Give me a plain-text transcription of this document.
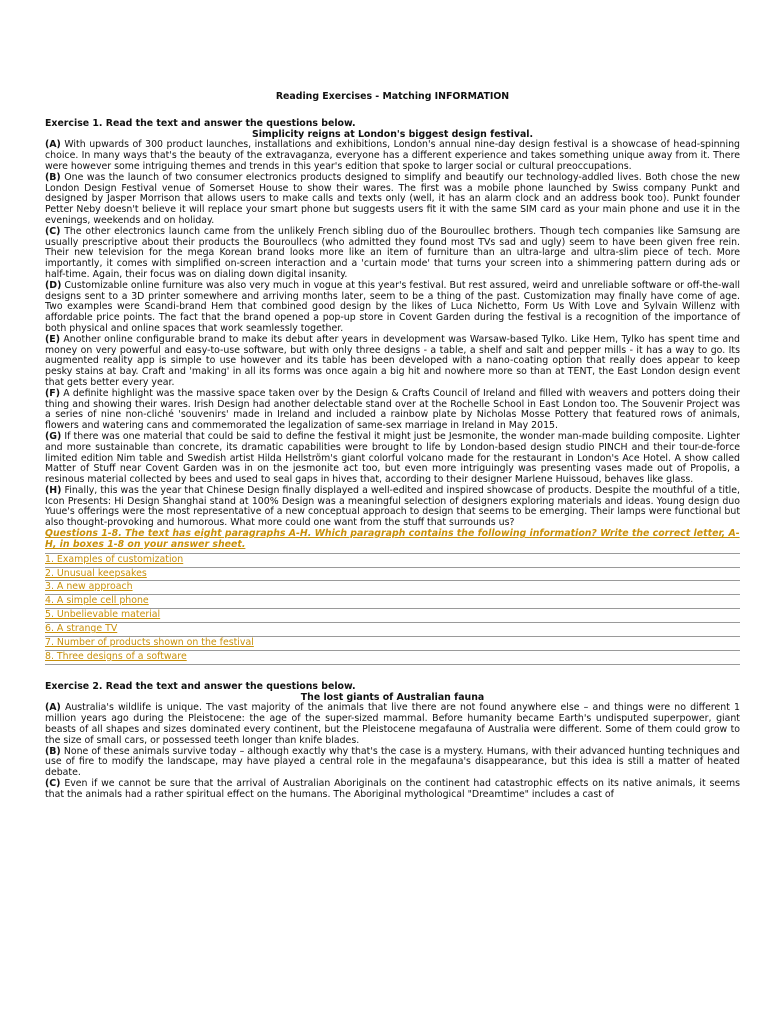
Reading Exercises - Matching INFORMATION
Exercise 1. Read the text and answer the questions below.
Simplicity reigns at London's biggest design festival.

(A) With upwards of 300 product launches, installations and exhibitions, London's annual nine-day design festival is a showcase of head-spinning choice. In many ways that's the beauty of the extravaganza, everyone has a different experience and takes something unique away from it. There were however some intriguing themes and trends in this year's edition that spoke to larger social or cultural preoccupations.

(B) One was the launch of two consumer electronics products designed to simplify and beautify our technology-addled lives. Both chose the new London Design Festival venue of Somerset House to show their wares. The first was a mobile phone launched by Swiss company Punkt and designed by Jasper Morrison that allows users to make calls and texts only (well, it has an alarm clock and an address book too). Punkt founder Petter Neby doesn't believe it will replace your smart phone but suggests users fit it with the same SIM card as your main phone and use it in the evenings, weekends and on holiday.

(C) The other electronics launch came from the unlikely French sibling duo of the Bouroullec brothers. Though tech companies like Samsung are usually prescriptive about their products the Bouroullecs (who admitted they found most TVs sad and ugly) seem to have been given free rein. Their new television for the mega Korean brand looks more like an item of furniture than an ultra-large and ultra-slim piece of tech. More importantly, it comes with simplified on-screen interaction and a 'curtain mode' that turns your screen into a shimmering pattern during ads or half-time. Again, their focus was on dialing down digital insanity.

(D) Customizable online furniture was also very much in vogue at this year's festival. But rest assured, weird and unreliable software or off-the-wall designs sent to a 3D printer somewhere and arriving months later, seem to be a thing of the past. Customization may finally have come of age. Two examples were Scandi-brand Hem that combined good design by the likes of Luca Nichetto, Form Us With Love and Sylvain Willenz with affordable price points. The fact that the brand opened a pop-up store in Covent Garden during the festival is a recognition of the importance of both physical and online spaces that work seamlessly together.

(E) Another online configurable brand to make its debut after years in development was Warsaw-based Tylko. Like Hem, Tylko has spent time and money on very powerful and easy-to-use software, but with only three designs - a table, a shelf and salt and pepper mills - it has a way to go. Its augmented reality app is simple to use however and its table has been developed with a nano-coating option that really does appear to keep pesky stains at bay. Craft and 'making' in all its forms was once again a big hit and nowhere more so than at TENT, the East London design event that gets better every year.

(F) A definite highlight was the massive space taken over by the Design & Crafts Council of Ireland and filled with weavers and potters doing their thing and showing their wares. Irish Design had another delectable stand over at the Rochelle School in East London too. The Souvenir Project was a series of nine non-cliché 'souvenirs' made in Ireland and included a rainbow plate by Nicholas Mosse Pottery that featured rows of animals, flowers and watering cans and commemorated the legalization of same-sex marriage in Ireland in May 2015.

(G) If there was one material that could be said to define the festival it might just be Jesmonite, the wonder man-made building composite. Lighter and more sustainable than concrete, its dramatic capabilities were brought to life by London-based design studio PINCH and their tour-de-force limited edition Nim table and Swedish artist Hilda Hellström's giant colorful volcano made for the restaurant in London's Ace Hotel. A show called Matter of Stuff near Covent Garden was in on the jesmonite act too, but even more intriguingly was presenting vases made out of Propolis, a resinous material collected by bees and used to seal gaps in hives that, according to their designer Marlene Huissoud, behaves like glass.

(H) Finally, this was the year that Chinese Design finally displayed a well-edited and inspired showcase of products. Despite the mouthful of a title, Icon Presents: Hi Design Shanghai stand at 100% Design was a meaningful selection of designers exploring materials and ideas. Young design duo Yuue's offerings were the most representative of a new conceptual approach to design that seems to be emerging. Their lamps were functional but also thought-provoking and humorous. What more could one want from the stuff that surrounds us?

Questions 1-8. The text has eight paragraphs A-H. Which paragraph contains the following information? Write the correct letter, A-H, in boxes 1-8 on your answer sheet.
1. Examples of customization
2. Unusual keepsakes
3. A new approach
4. A simple cell phone
5. Unbelievable material
6. A strange TV
7. Number of products shown on the festival
8. Three designs of a software
Exercise 2. Read the text and answer the questions below.
The lost giants of Australian fauna

(A) Australia's wildlife is unique. The vast majority of the animals that live there are not found anywhere else – and things were no different 1 million years ago during the Pleistocene: the age of the super-sized mammal. Before humanity became Earth's undisputed superpower, giant beasts of all shapes and sizes dominated every continent, but the Pleistocene megafauna of Australia were different. Some of them could grow to the size of small cars, or possessed teeth longer than knife blades.

(B) None of these animals survive today – although exactly why that's the case is a mystery. Humans, with their advanced hunting techniques and use of fire to modify the landscape, may have played a central role in the megafauna's disappearance, but this idea is still a matter of heated debate.

(C) Even if we cannot be sure that the arrival of Australian Aboriginals on the continent had catastrophic effects on its native animals, it seems that the animals had a rather spiritual effect on the humans. The Aboriginal mythological "Dreamtime" includes a cast of
